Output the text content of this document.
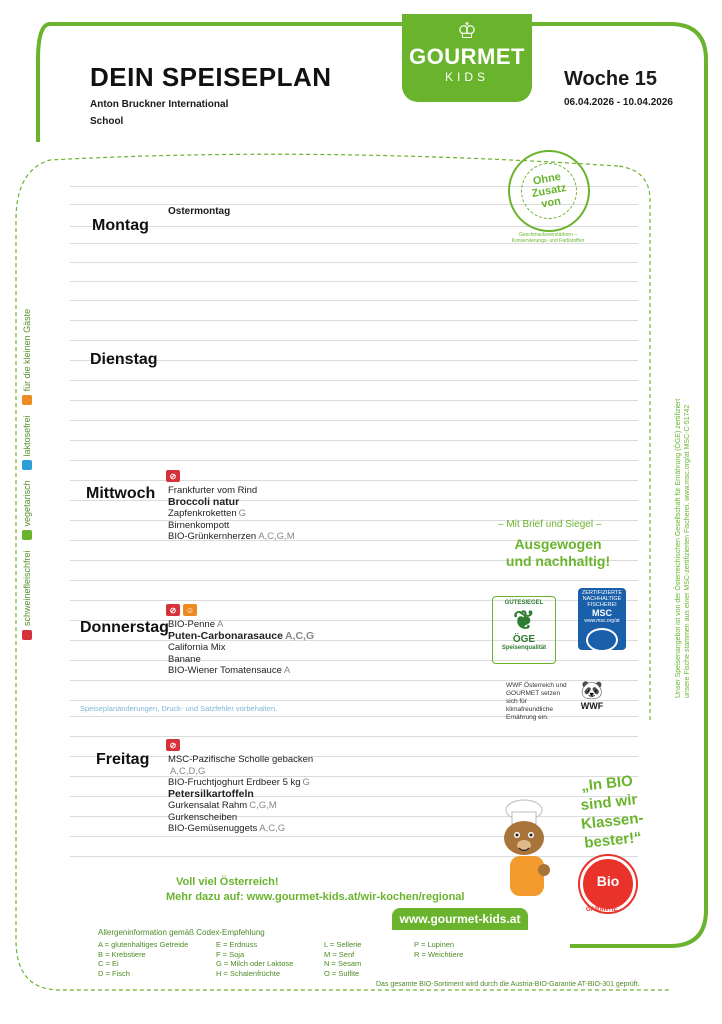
DEIN SPEISEPLAN
Anton Bruckner International
School
♔
GOURMET
KIDS	Woche 15
06.04.2026 - 10.04.2026
Ohne Zusatz von
Geschmacksverstärkern – Konservierungs- und Farbstoffen
Montag
Ostermontag
Dienstag
Mittwoch
⊘
Frankfurter vom Rind
Broccoli natur
Zapfenkroketten G
Birnenkompott
BIO-Grünkernherzen A,C,G,M
Donnerstag
⊘	☺
BIO-Penne A
Puten-Carbonarasauce A,C,G
California Mix
Banane
BIO-Wiener Tomatensauce A
Speiseplanänderungen, Druck- und Satzfehler vorbehalten.
Freitag
⊘
MSC-Pazifische Scholle gebacken
A,C,D,G
BIO-Fruchtjoghurt Erdbeer 5 kg G
Petersilkartoffeln
Gurkensalat Rahm C,G,M
Gurkenscheiben
BIO-Gemüsenuggets A,C,G
schweinefleischfrei
vegetarisch
laktosefrei
für die kleinen Gäste
Unser Speisenangebot ist von der Österreichischen Gesellschaft für Ernährung (ÖGE) zertifiziert unsere Fische stammen aus einer MSC-zertifizierten Fischerei. www.msc.org/at MSC-C-51742
– Mit Brief und Siegel –
Ausgewogen und nachhaltig!
GÜTESIEGEL
❦
ÖGE
Speisenqualität
ZERTIFIZIERTE NACHHALTIGE FISCHEREI
MSC
www.msc.org/at
WWF Österreich und GOURMET setzen sich für klimafreundliche Ernährung ein.
🐼
WWF
„In BIO sind wir Klassen-bester!“
Bio
GARANTIE
Voll viel Österreich!
Mehr dazu auf: www.gourmet-kids.at/wir-kochen/regional
www.gourmet-kids.at
Allergeninformation gemäß Codex-Empfehlung
A = glutenhaltiges Getreide
B = Krebstiere
C = Ei
D = Fisch
E = Erdnuss
F = Soja
G = Milch oder Laktose
H = Schalenfrüchte
L = Sellerie
M = Senf
N = Sesam
O = Sulfite
P = Lupinen
R = Weichtiere
Das gesamte BIO-Sortiment wird durch die Austria-BIO-Garantie AT-BIO-301 geprüft.
